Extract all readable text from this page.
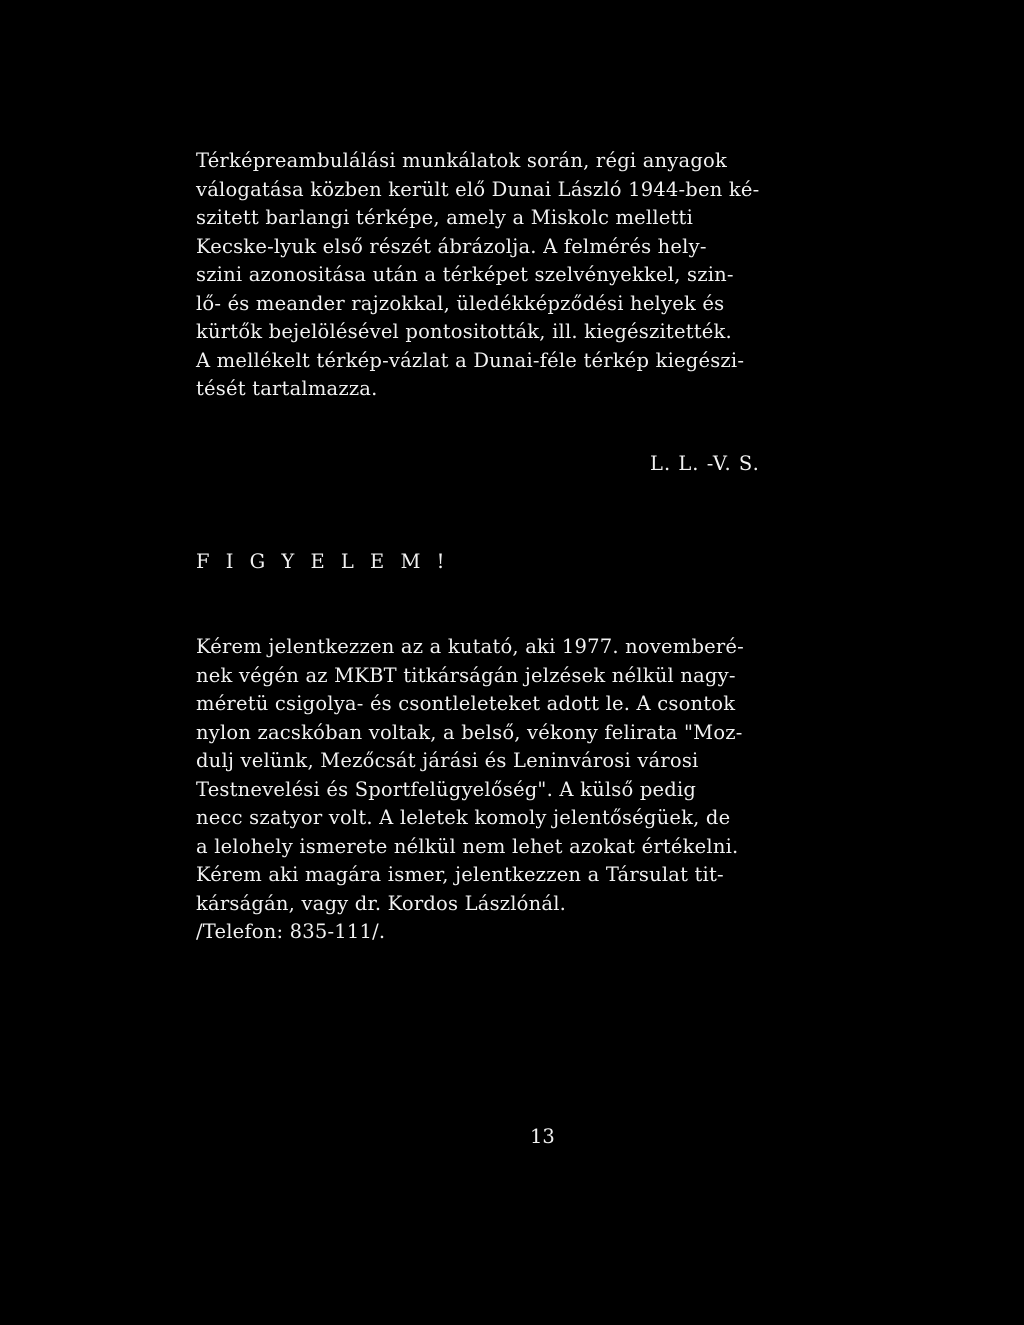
Térképreambulálási munkálatok során, régi anyagok
válogatása közben került elő Dunai László 1944-ben ké-
szitett barlangi térképe, amely a Miskolc melletti
Kecske-lyuk első részét ábrázolja. A felmérés hely-
szini azonositása után a térképet szelvényekkel, szin-
lő- és meander rajzokkal, üledékképződési helyek és
kürtők bejelölésével pontositották, ill. kiegészitették.
A mellékelt térkép-vázlat a Dunai-féle térkép kiegészi-
tését tartalmazza.
L. L. -V. S.
F I G Y E L E M !
Kérem jelentkezzen az a kutató, aki 1977. novemberé-
nek végén az MKBT titkárságán jelzések nélkül nagy-
méretü csigolya- és csontleleteket adott le. A csontok
nylon zacskóban voltak, a belső, vékony felirata "Moz-
dulj velünk, Mezőcsát járási és Leninvárosi városi
Testnevelési és Sportfelügyelőség". A külső pedig
necc szatyor volt. A leletek komoly jelentőségüek, de
a lelohely ismerete nélkül nem lehet azokat értékelni.
Kérem aki magára ismer, jelentkezzen a Társulat tit-
kárságán, vagy dr. Kordos Lászlónál.
/Telefon: 835-111/.
13
